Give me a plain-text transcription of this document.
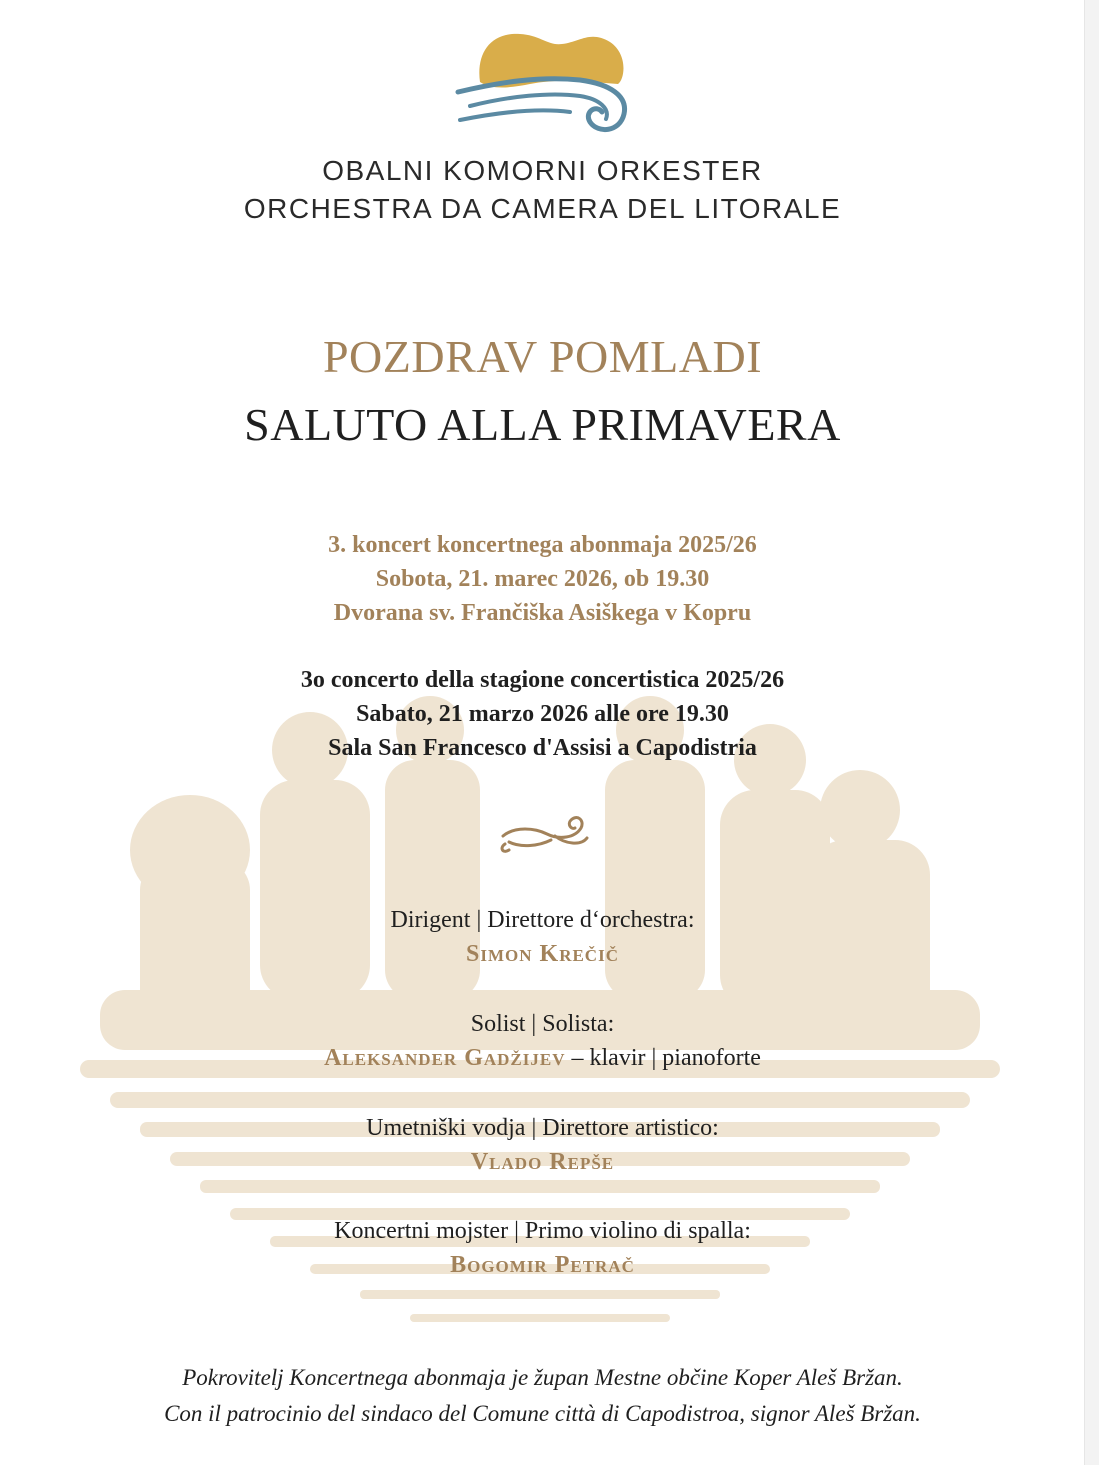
OBALNI KOMORNI ORKESTER
ORCHESTRA DA CAMERA DEL LITORALE
POZDRAV POMLADI
SALUTO ALLA PRIMAVERA
3. koncert koncertnega abonmaja 2025/26
Sobota, 21. marec 2026, ob 19.30
Dvorana sv. Frančiška Asiškega v Kopru
3o concerto della stagione concertistica 2025/26
Sabato, 21 marzo 2026 alle ore 19.30
Sala San Francesco d'Assisi a Capodistria
Dirigent | Direttore d‘orchestra:
Simon Krečič
Solist | Solista:
Aleksander Gadžijev – klavir | pianoforte
Umetniški vodja | Direttore artistico:
Vlado Repše
Koncertni mojster | Primo violino di spalla:
Bogomir Petrač
Pokrovitelj Koncertnega abonmaja je župan Mestne občine Koper Aleš Bržan.
Con il patrocinio del sindaco del Comune città di Capodistroa, signor Aleš Bržan.
